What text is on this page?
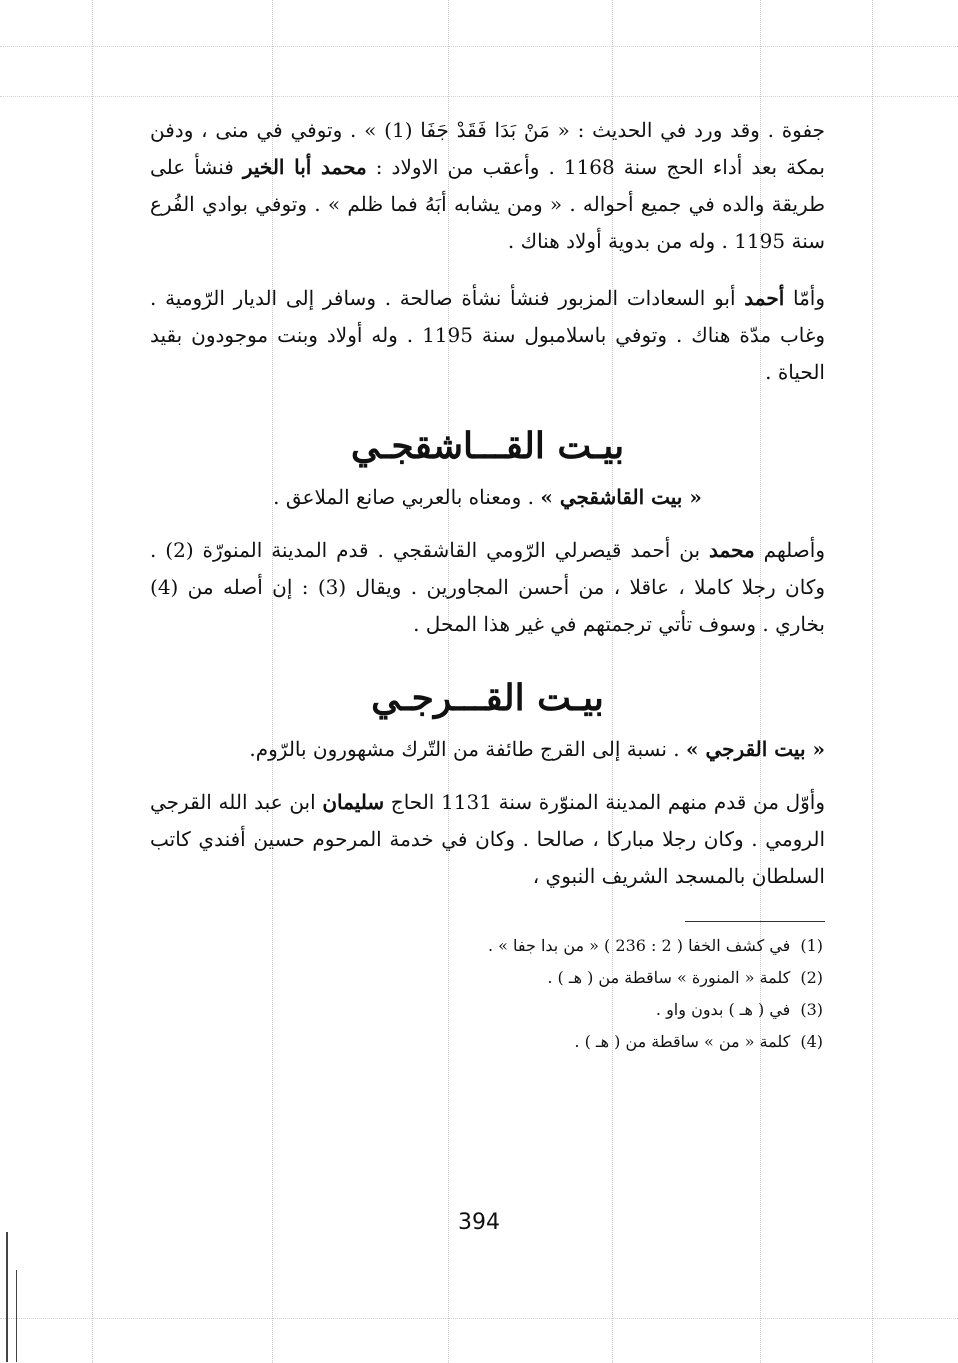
جفوة . وقد ورد في الحديث : « مَنْ بَدَا فَقَدْ جَفَا (1) » . وتوفي في منى ، ودفن بمكة بعد أداء الحج سنة 1168 . وأعقب من الاولاد : محمد أبا الخير فنشأ على طريقة والده في جميع أحواله . « ومن يشابه أبَهُ فما ظلم » . وتوفي بوادي الفُرع سنة 1195 . وله من بدوية أولاد هناك .

وأمّا أحمد أبو السعادات المزبور فنشأ نشأة صالحة . وسافر إلى الديار الرّومية . وغاب مدّة هناك . وتوفي باسلامبول سنة 1195 . وله أولاد وبنت موجودون بقيد الحياة .

بيـت القـــاشقجـي

« بيت القاشقجي » . ومعناه بالعربي صانع الملاعق .

وأصلهم محمد بن أحمد قيصرلي الرّومي القاشقجي . قدم المدينة المنورّة (2) . وكان رجلا كاملا ، عاقلا ، من أحسن المجاورين . ويقال (3) : إن أصله من (4) بخاري . وسوف تأتي ترجمتهم في غير هذا المحل .

بيـت القـــرجـي

« بيت القرجي » . نسبة إلى القرج طائفة من التّرك مشهورون بالرّوم.

وأوّل من قدم منهم المدينة المنوّرة سنة 1131 الحاج سليمان ابن عبد الله القرجي الرومي . وكان رجلا مباركا ، صالحا . وكان في خدمة المرحوم حسين أفندي كاتب السلطان بالمسجد الشريف النبوي ،

(1)في كشف الخفا ( 2 : 236 ) « من بدا جفا » .
(2)كلمة « المنورة » ساقطة من ( هـ ) .
(3)في ( هـ ) بدون واو .
(4)كلمة « من » ساقطة من ( هـ ) .
394
